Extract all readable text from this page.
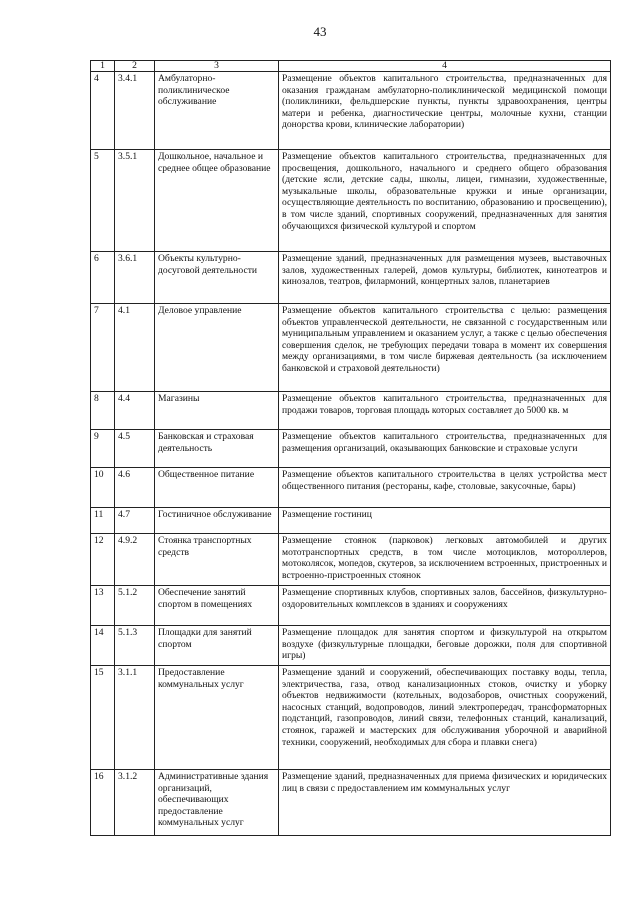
43
1	2	3	4
4	3.4.1	Амбулаторно-поликлиническое обслуживание	Размещение объектов капитального строительства, предназначенных для оказания гражданам амбулаторно-поликлинической медицинской помощи (поликлиники, фельдшерские пункты, пункты здравоохранения, центры матери и ребенка, диагностические центры, молочные кухни, станции донорства крови, клинические лаборатории)
5	3.5.1	Дошкольное, начальное и среднее общее образование	Размещение объектов капитального строительства, предназначенных для просвещения, дошкольного, начального и среднего общего образования (детские ясли, детские сады, школы, лицеи, гимназии, художественные, музыкальные школы, образовательные кружки и иные организации, осуществляющие деятельность по воспитанию, образованию и просвещению), в том числе зданий, спортивных сооружений, предназначенных для занятия обучающихся физической культурой и спортом
6	3.6.1	Объекты культурно-досуговой деятельности	Размещение зданий, предназначенных для размещения музеев, выставочных залов, художественных галерей, домов культуры, библиотек, кинотеатров и кинозалов, театров, филармоний, концертных залов, планетариев
7	4.1	Деловое управление	Размещение объектов капитального строительства с целью: размещения объектов управленческой деятельности, не связанной с государственным или муниципальным управлением и оказанием услуг, а также с целью обеспечения совершения сделок, не требующих передачи товара в момент их совершения между организациями, в том числе биржевая деятельность (за исключением банковской и страховой деятельности)
8	4.4	Магазины	Размещение объектов капитального строительства, предназначенных для продажи товаров, торговая площадь которых составляет до 5000 кв. м
9	4.5	Банковская и страховая деятельность	Размещение объектов капитального строительства, предназначенных для размещения организаций, оказывающих банковские и страховые услуги
10	4.6	Общественное питание	Размещение объектов капитального строительства в целях устройства мест общественного питания (рестораны, кафе, столовые, закусочные, бары)
11	4.7	Гостиничное обслуживание	Размещение гостиниц
12	4.9.2	Стоянка транспортных средств	Размещение стоянок (парковок) легковых автомобилей и других мототранспортных средств, в том числе мотоциклов, мотороллеров, мотоколясок, мопедов, скутеров, за исключением встроенных, пристроенных и встроенно-пристроенных стоянок
13	5.1.2	Обеспечение занятий спортом в помещениях	Размещение спортивных клубов, спортивных залов, бассейнов, физкультурно-оздоровительных комплексов в зданиях и сооружениях
14	5.1.3	Площадки для занятий спортом	Размещение площадок для занятия спортом и физкультурой на открытом воздухе (физкультурные площадки, беговые дорожки, поля для спортивной игры)
15	3.1.1	Предоставление коммунальных услуг	Размещение зданий и сооружений, обеспечивающих поставку воды, тепла, электричества, газа, отвод канализационных стоков, очистку и уборку объектов недвижимости (котельных, водозаборов, очистных сооружений, насосных станций, водопроводов, линий электропередач, трансформаторных подстанций, газопроводов, линий связи, телефонных станций, канализаций, стоянок, гаражей и мастерских для обслуживания уборочной и аварийной техники, сооружений, необходимых для сбора и плавки снега)
16	3.1.2	Административные здания организаций, обеспечивающих предоставление коммунальных услуг	Размещение зданий, предназначенных для приема физических и юридических лиц в связи с предоставлением им коммунальных услуг
